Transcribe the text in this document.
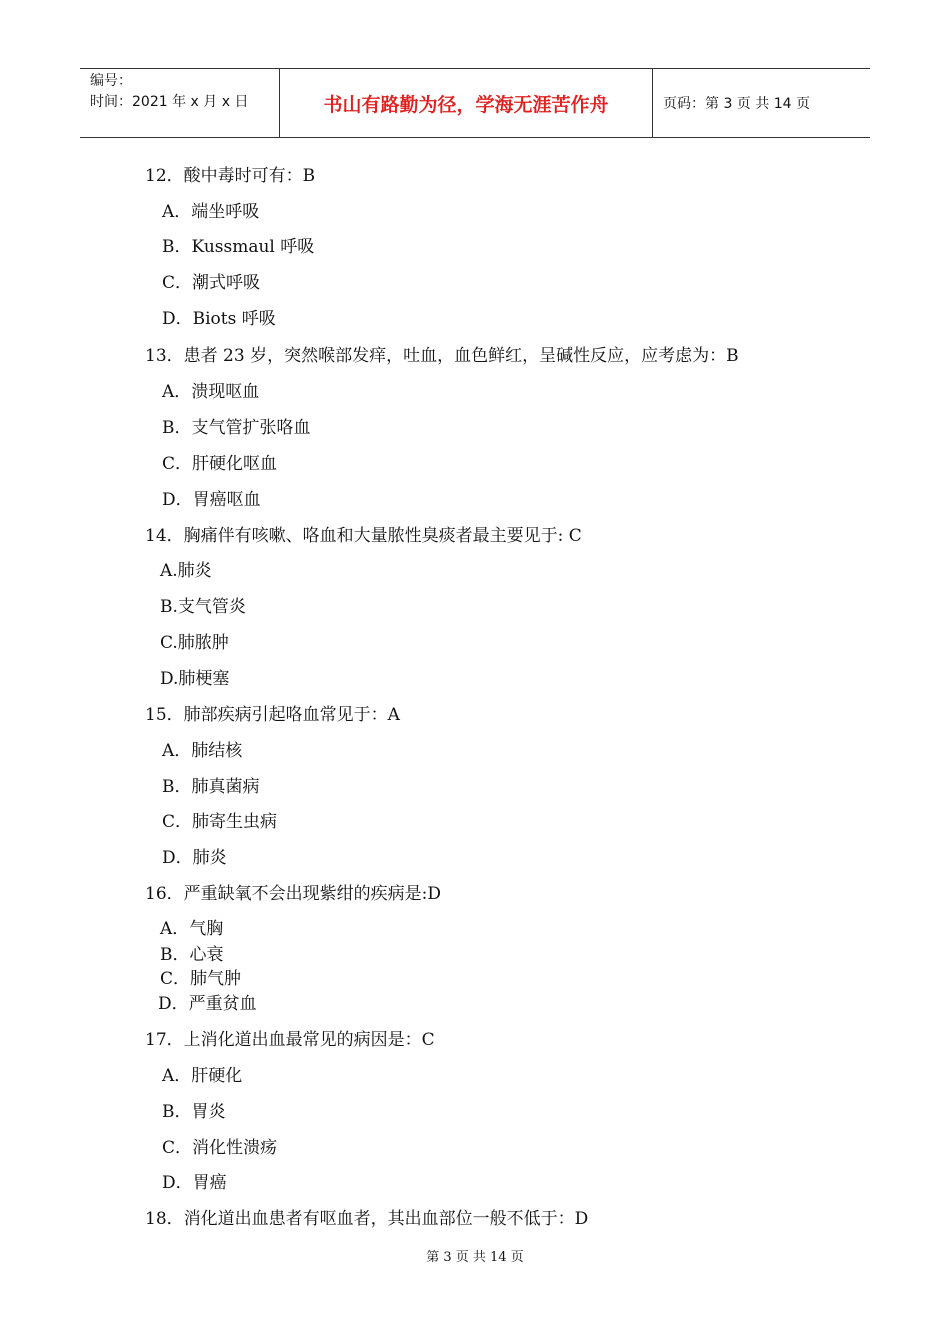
编号：
时间：2021 年 x 月 x 日	书山有路勤为径，学海无涯苦作舟	页码：第 3 页 共 14 页
12．酸中毒时可有：B
A．端坐呼吸
B．Kussmaul 呼吸
C．潮式呼吸
D．Biots 呼吸
13．患者 23 岁，突然喉部发痒，吐血，血色鲜红，呈碱性反应，应考虑为：B
A．溃现呕血
B．支气管扩张咯血
C．肝硬化呕血
D．胃癌呕血
14．胸痛伴有咳嗽、咯血和大量脓性臭痰者最主要见于: C
A.肺炎
B.支气管炎
C.肺脓肿
D.肺梗塞
15．肺部疾病引起咯血常见于：A
A．肺结核
B．肺真菌病
C．肺寄生虫病
D．肺炎
16．严重缺氧不会出现紫绀的疾病是:D
A．气胸
B．心衰
C．肺气肿
D．严重贫血
17．上消化道出血最常见的病因是：C
A．肝硬化
B．胃炎
C．消化性溃疡
D．胃癌
18．消化道出血患者有呕血者，其出血部位一般不低于：D
第 3 页 共 14 页
